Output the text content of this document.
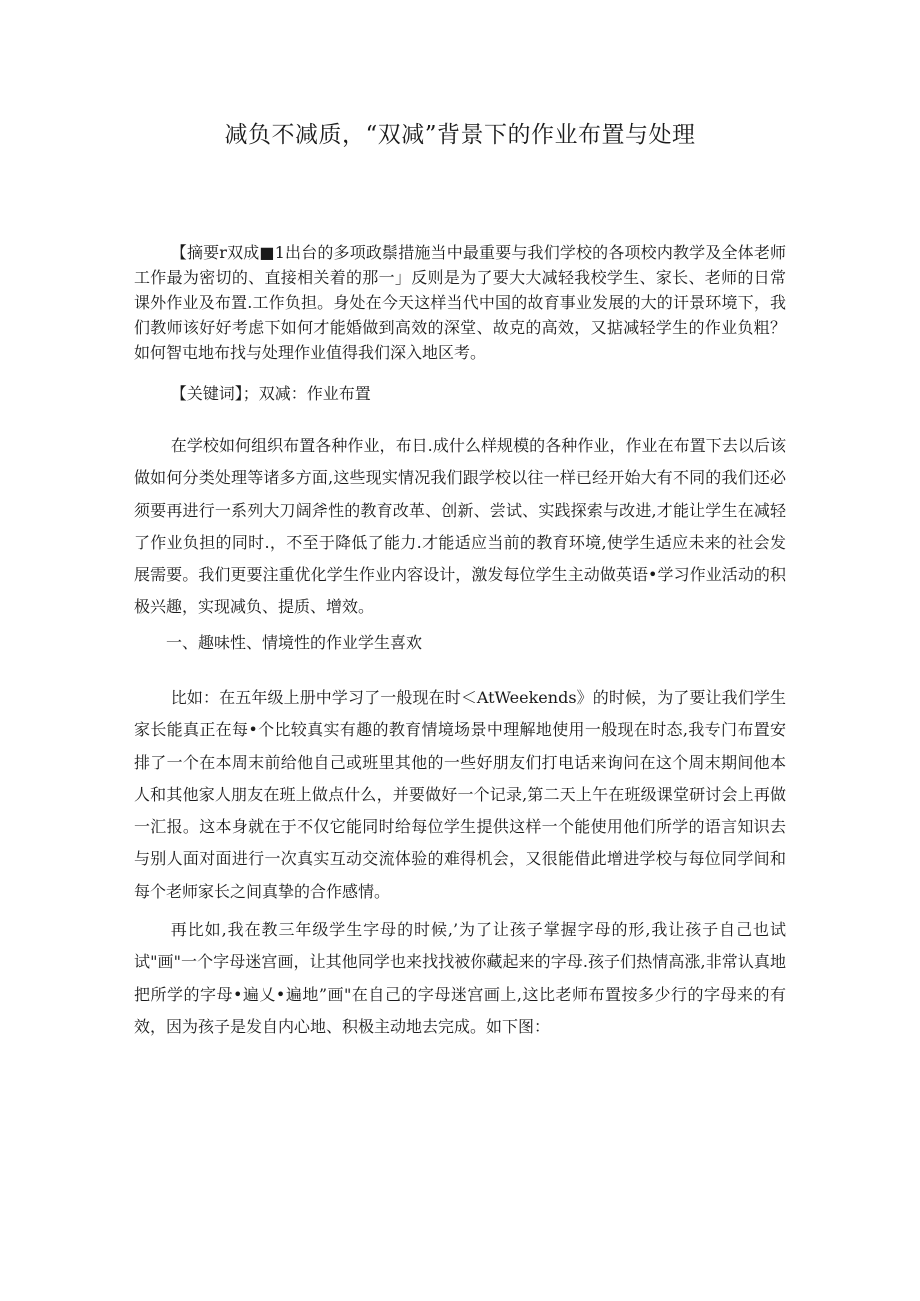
减负不减质，“双减”背景下的作业布置与处理

【摘要r双成■1出台的多项政鬃措施当中最重要与我们学校的各项校内教学及全体老师工作最为密切的、直接相关着的那一」反则是为了要大大减轻我校学生、家长、老师的日常课外作业及布置.工作负担。身处在今天这样当代中国的故育事业发展的大的讦景环境下，我们教师该好好考虑下如何才能婚做到高效的深堂、故克的高效，又掂减轻学生的作业负粗？如何智屯地布找与处理作业值得我们深入地区考。

【关键词】；双减：作业布置

在学校如何组织布置各种作业，布日.成什么样规模的各种作业，作业在布置下去以后该做如何分类处理等诸多方面,这些现实情况我们跟学校以往一样已经开始大有不同的我们还必须要再进行一系列大刀阔斧性的教育改革、创新、尝试、实践探索与改进,才能让学生在减轻了作业负担的同时.，不至于降低了能力.才能适应当前的教育环境,使学生适应未来的社会发展需要。我们更要注重优化学生作业内容设计，激发每位学生主动做英语•学习作业活动的积极兴趣，实现减负、提质、增效。

一、趣味性、情境性的作业学生喜欢

比如：在五年级上册中学习了一般现在时＜AtWeekends》的时候，为了要让我们学生家长能真正在每•个比较真实有趣的教育情境场景中理解地使用一般现在时态,我专门布置安排了一个在本周末前给他自己或班里其他的一些好朋友们打电话来询问在这个周末期间他本人和其他家人朋友在班上做点什么，并要做好一个记录,第二天上午在班级课堂研讨会上再做一汇报。这本身就在于不仅它能同时给每位学生提供这样一个能使用他们所学的语言知识去与别人面对面进行一次真实互动交流体验的难得机会，又很能借此增进学校与每位同学间和每个老师家长之间真挚的合作感情。

再比如,我在教三年级学生字母的时候,’为了让孩子掌握字母的形,我让孩子自己也试试"画"一个字母迷宫画，让其他同学也来找找被你藏起来的字母.孩子们热情高涨,非常认真地把所学的字母•遍乂•遍地”画"在自己的字母迷宫画上,这比老师布置按多少行的字母来的有效，因为孩子是发自内心地、积极主动地去完成。如下图：
